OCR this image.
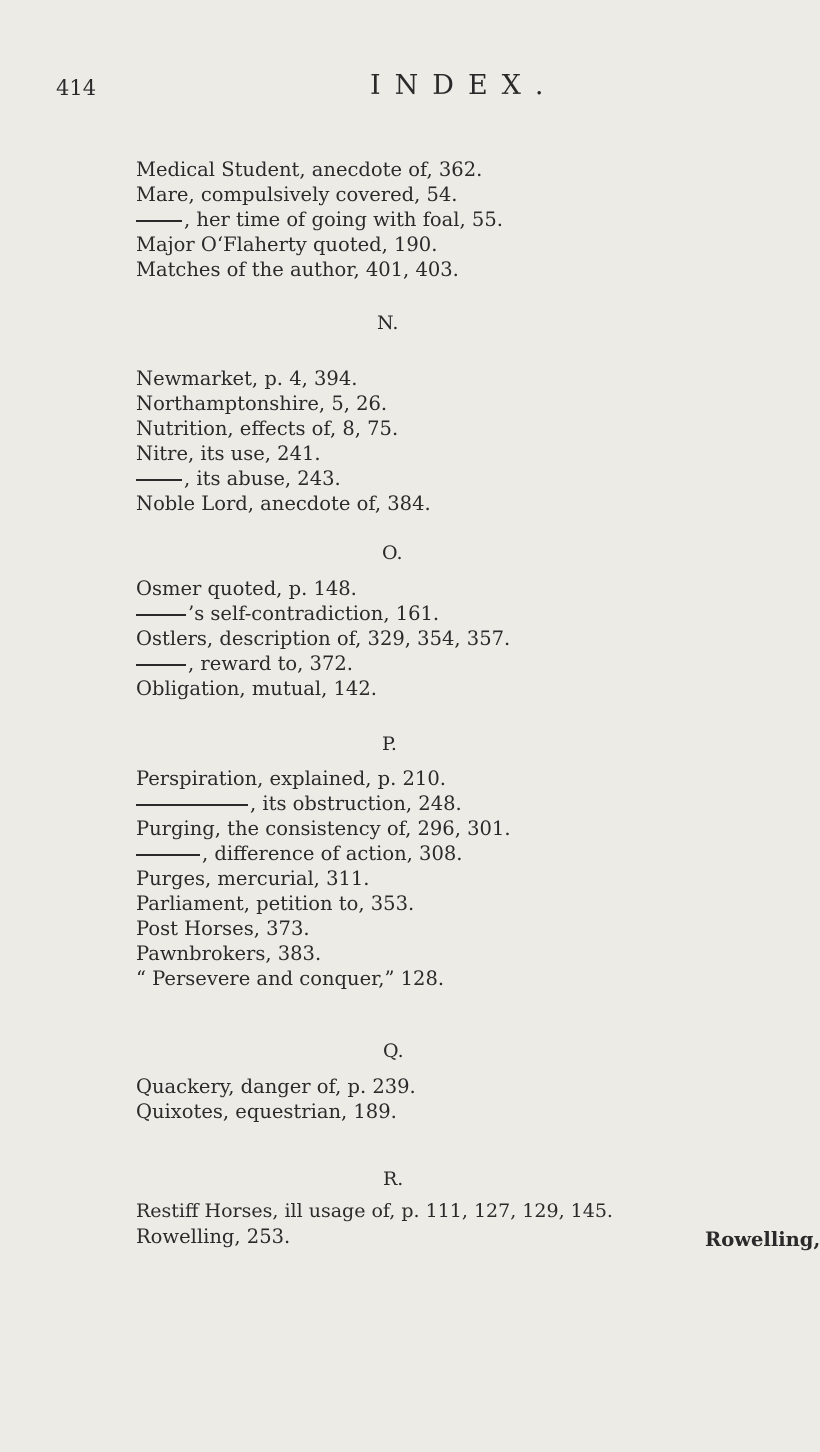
414	INDEX.
Medical Student, anecdote of, 362.
Mare, compulsively covered, 54.
, her time of going with foal, 55.
Major O‘Flaherty quoted, 190.
Matches of the author, 401, 403.
N.
Newmarket, p. 4, 394.
Northamptonshire, 5, 26.
Nutrition, effects of, 8, 75.
Nitre, its use, 241.
, its abuse, 243.
Noble Lord, anecdote of, 384.
O.
Osmer quoted, p. 148.
’s self-contradiction, 161.
Ostlers, description of, 329, 354, 357.
, reward to, 372.
Obligation, mutual, 142.
P.
Perspiration, explained, p. 210.
, its obstruction, 248.
Purging, the consistency of, 296, 301.
, difference of action, 308.
Purges, mercurial, 311.
Parliament, petition to, 353.
Post Horses, 373.
Pawnbrokers, 383.
“ Persevere and conquer,” 128.
Q.
Quackery, danger of, p. 239.
Quixotes, equestrian, 189.
R.
Restiff Horses, ill usage of, p. 111, 127, 129, 145.
Rowelling, 253.	Rowelling,
